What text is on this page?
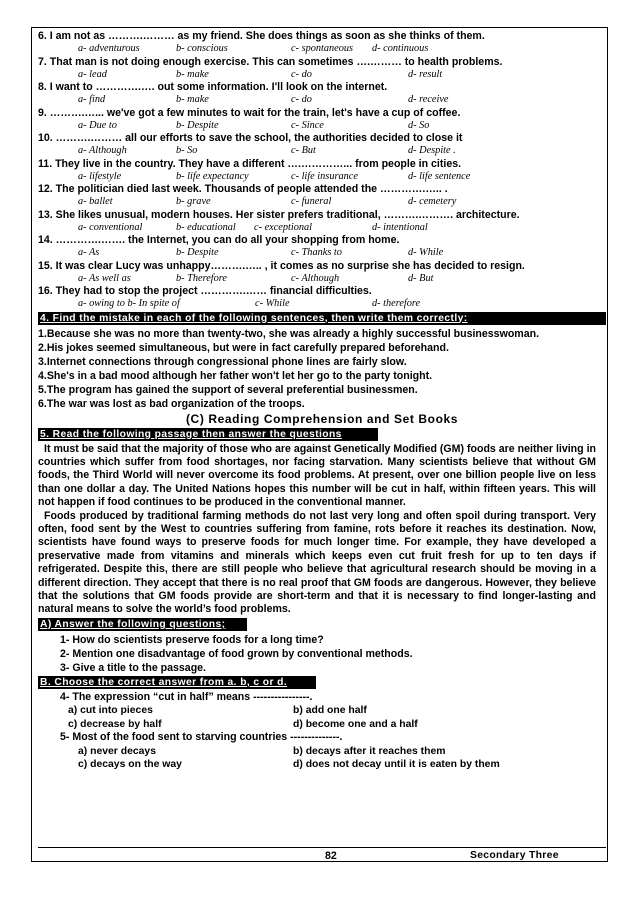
6. I am not as ……….……… as my friend. She does things as soon as she thinks of them.
a- adventurous	b- conscious	c- spontaneous d- continuous
7. That man is not doing enough exercise. This can sometimes ….……… to health problems.
a- lead	b- make	c- do	d- result
8. I want to ………….…. out some information. I'll look on the internet.
a- find	b- make	c- do	d- receive
9. ……….…... we've got a few minutes to wait for the train, let's have a cup of coffee.
a- Due to	b- Despite	c- Since	d- So
10. ……….……… all our efforts to save the school, the authorities decided to close it
a- Although	b- So	c- But	d- Despite .
11. They live in the country. They have a different ….…………... from people in cities.
a- lifestyle	b- life expectancy	c- life insurance	d- life sentence
12. The politician died last week. Thousands of people attended the ………….….. .
a- ballet	b- grave	c- funeral	d- cemetery
13. She likes unusual, modern houses. Her sister prefers traditional, ……….………. architecture.
a- conventional	b- educational c- exceptional	d- intentional
14. ………….……. the Internet, you can do all your shopping from home.
a- As	b- Despite	c- Thanks to	d- While
15. It was clear Lucy was unhappy……….….. , it comes as no surprise she has decided to resign.
a- As well as	b- Therefore	c- Although	d- But
16. They had to stop the project ………….…… financial difficulties.
a- owing to b- In spite of	c- While	d- therefore
4. Find the mistake in each of the following sentences, then write them correctly:
1.Because she was no more than twenty-two, she was already a highly successful businesswoman.
2.His jokes seemed simultaneous, but were in fact carefully prepared beforehand.
3.Internet connections through congressional phone lines are fairly slow.
4.She's in a bad mood although her father won't let her go to the party tonight.
5.The program has gained the support of several preferential businessmen.
6.The war was lost as bad organization of the troops.
(C) Reading Comprehension and Set Books
5. Read the following passage then answer the questions
It must be said that the majority of those who are against Genetically Modified (GM) foods are neither living in countries which suffer from food shortages, nor facing starvation. Many scientists believe that without GM foods, the Third World will never overcome its food problems. At present, over one billion people live on less than one dollar a day. The United Nations hopes this number will be cut in half, within fifteen years. This will not happen if food continues to be produced in the conventional manner.
Foods produced by traditional farming methods do not last very long and often spoil during transport. Very often, food sent by the West to countries suffering from famine, rots before it reaches its destination. Now, scientists have found ways to preserve foods for much longer time. For example, they have developed a preservative made from vitamins and minerals which keeps even cut fruit fresh for up to ten days if refrigerated. Despite this, there are still people who believe that agricultural research should be moving in a different direction. They accept that there is no real proof that GM foods are dangerous. However, they believe that the solutions that GM foods provide are short-term and that it is necessary to find longer-lasting and natural means to solve the world’s food problems.
A) Answer the following questions;
1- How do scientists preserve foods for a long time?
2- Mention one disadvantage of food grown by conventional methods.
3- Give a title to the passage.
B. Choose the correct answer from a. b, c or d.
4- The expression “cut in half” means ----------------.
a) cut into pieces	b) add one half
c) decrease by half	d) become one and a half
5- Most of the food sent to starving countries --------------.
a) never decays	b) decays after it reaches them
c) decays on the way	d) does not decay until it is eaten by them
82	Secondary Three
